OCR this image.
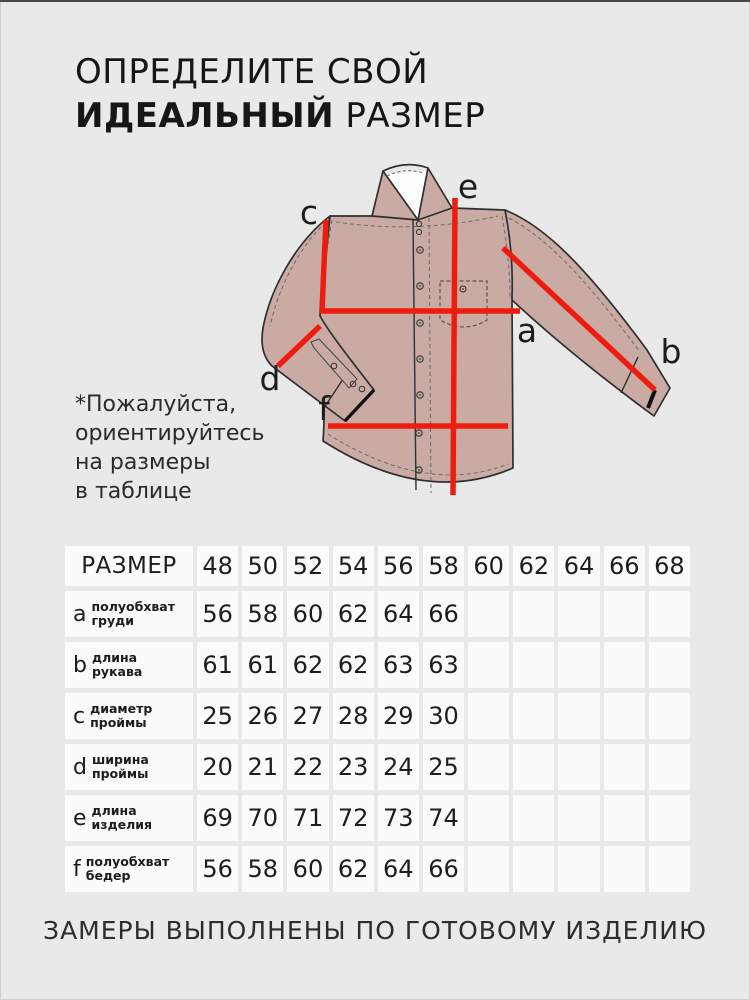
ОПРЕДЕЛИТЕ СВОЙ
ИДЕАЛЬНЫЙ РАЗМЕР
c
e
a
b
d
f
*Пожалуйста,
ориентируйтесь
на размеры
в таблице
РАЗМЕР	48 50 52 54 56 58 60 62 64 66 68
a полуобхват
груди	56 58 60 62 64 66
b длина
рукава 61 61 62 62 63 63
c диаметр
проймы 25 26 27 28 29 30
d ширина
проймы 20 21 22 23 24 25
e длина
изделия 69 70 71 72 73 74
f полуобхват
бедер	56 58 60 62 64 66
ЗАМЕРЫ ВЫПОЛНЕНЫ ПО ГОТОВОМУ ИЗДЕЛИЮ
